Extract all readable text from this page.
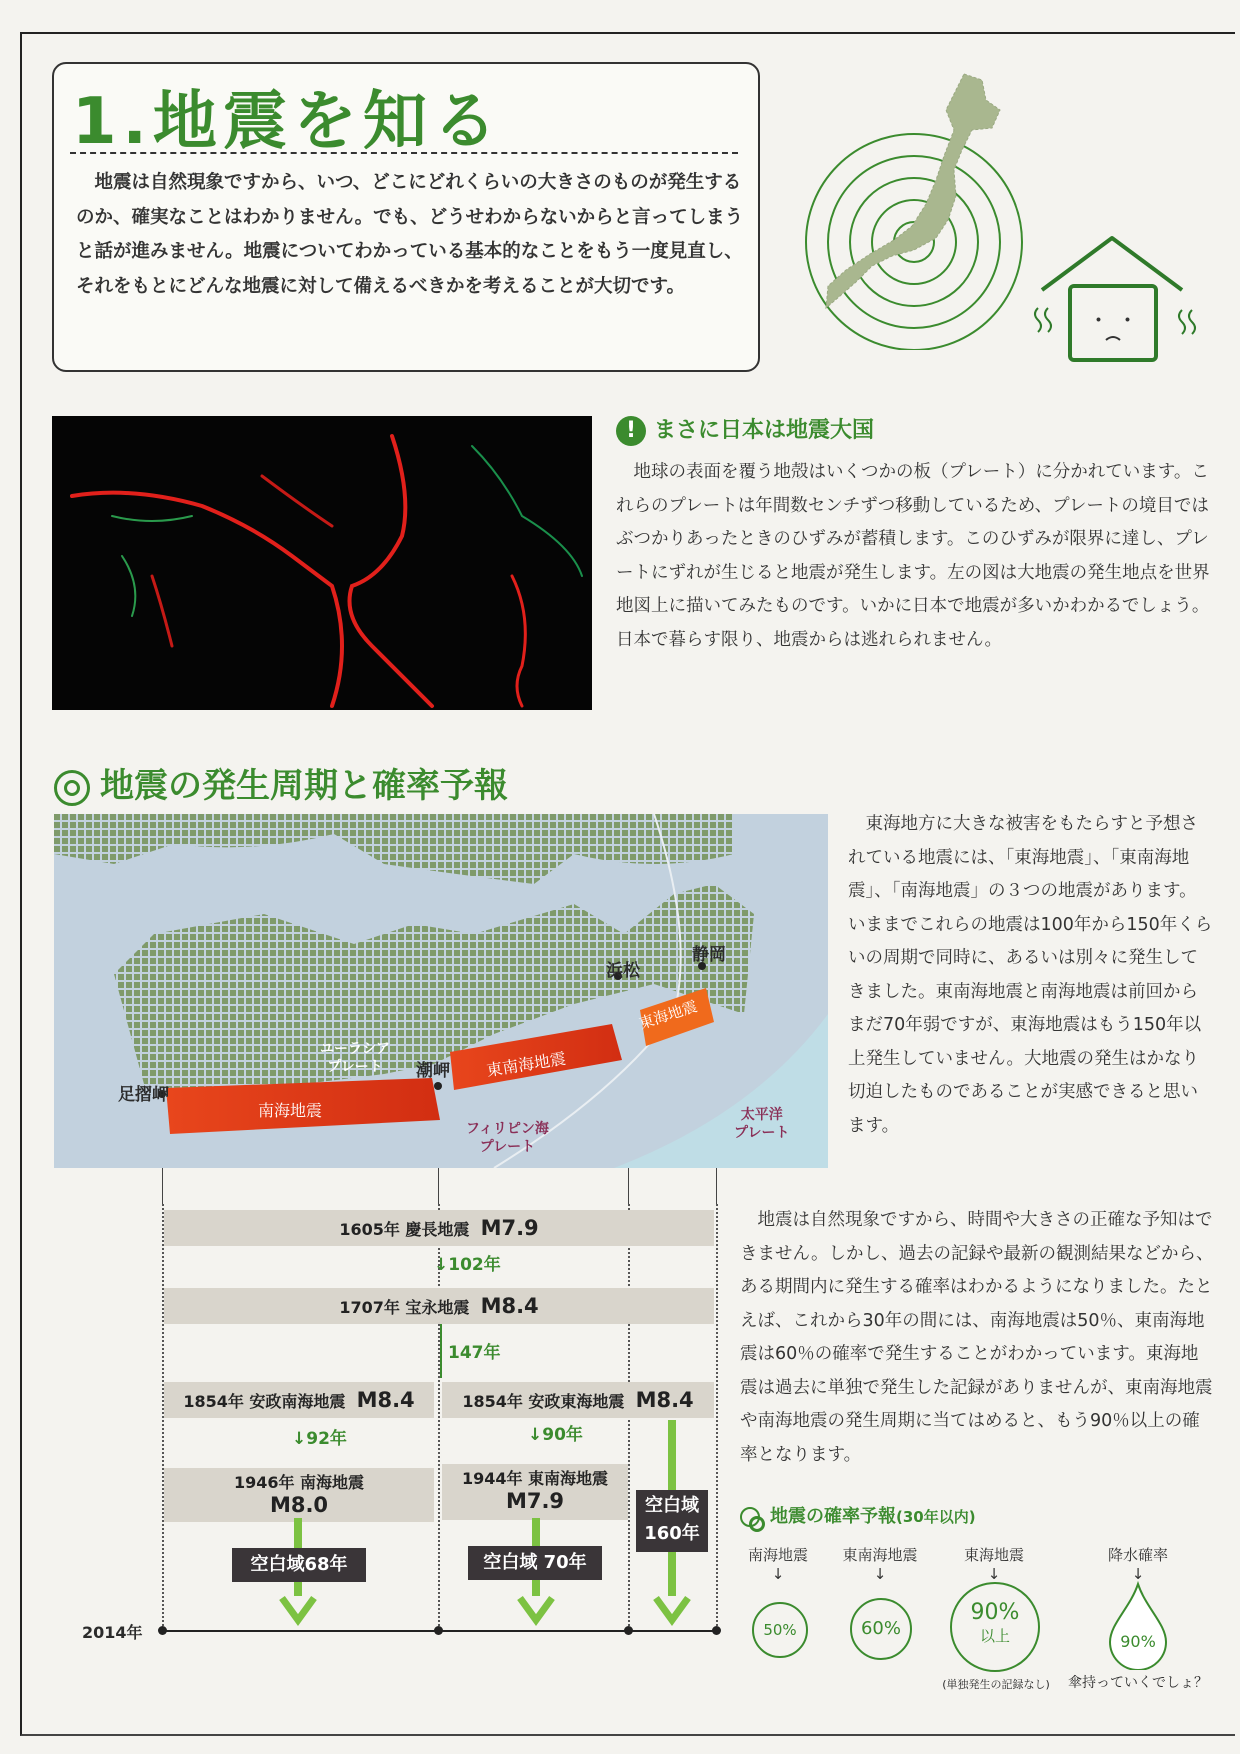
1.地震を知る

地震は自然現象ですから、いつ、どこにどれくらいの大きさのものが発生するのか、確実なことはわかりません。でも、どうせわからないからと言ってしまうと話が進みません。地震についてわかっている基本的なことをもう一度見直し、それをもとにどんな地震に対して備えるべきかを考えることが大切です。

・ ・
! まさに日本は地震大国

地球の表面を覆う地殻はいくつかの板（プレート）に分かれています。これらのプレートは年間数センチずつ移動しているため、プレートの境目ではぶつかりあったときのひずみが蓄積します。このひずみが限界に達し、プレートにずれが生じると地震が発生します。左の図は大地震の発生地点を世界地図上に描いてみたものです。いかに日本で地震が多いかわかるでしょう。日本で暮らす限り、地震からは逃れられません。

地震の発生周期と確率予報
足摺岬
潮岬
浜松
静岡
ユーラシア
プレート
フィリピン海
プレート
太平洋
プレート
南海地震
東南海地震
東海地震

東海地方に大きな被害をもたらすと予想されている地震には、「東海地震」、「東南海地震」、「南海地震」の３つの地震があります。いままでこれらの地震は100年から150年くらいの周期で同時に、あるいは別々に発生してきました。東南海地震と南海地震は前回からまだ70年弱ですが、東海地震はもう150年以上発生していません。大地震の発生はかなり切迫したものであることが実感できると思います。

地震は自然現象ですから、時間や大きさの正確な予知はできません。しかし、過去の記録や最新の観測結果などから、ある期間内に発生する確率はわかるようになりました。たとえば、これから30年の間には、南海地震は50％、東南海地震は60％の確率で発生することがわかっています。東海地震は過去に単独で発生した記録がありませんが、東南海地震や南海地震の発生周期に当てはめると、もう90％以上の確率となります。

1605年 慶長地震 M7.9
↓102年
1707年 宝永地震 M8.4
147年
1854年 安政南海地震 M8.4	1854年 安政東海地震 M8.4
↓92年	↓90年
1946年 南海地震
M8.0
1944年 東南海地震
M7.9
空白域68年	空白域 70年
空白域
160年
2014年
地震の確率予報(30年以内)
南海地震
↓
50%
東南海地震
↓
60%
東海地震
↓
90%
以上
(単独発生の記録なし)
降水確率
↓
90%
傘持っていくでしょ？
